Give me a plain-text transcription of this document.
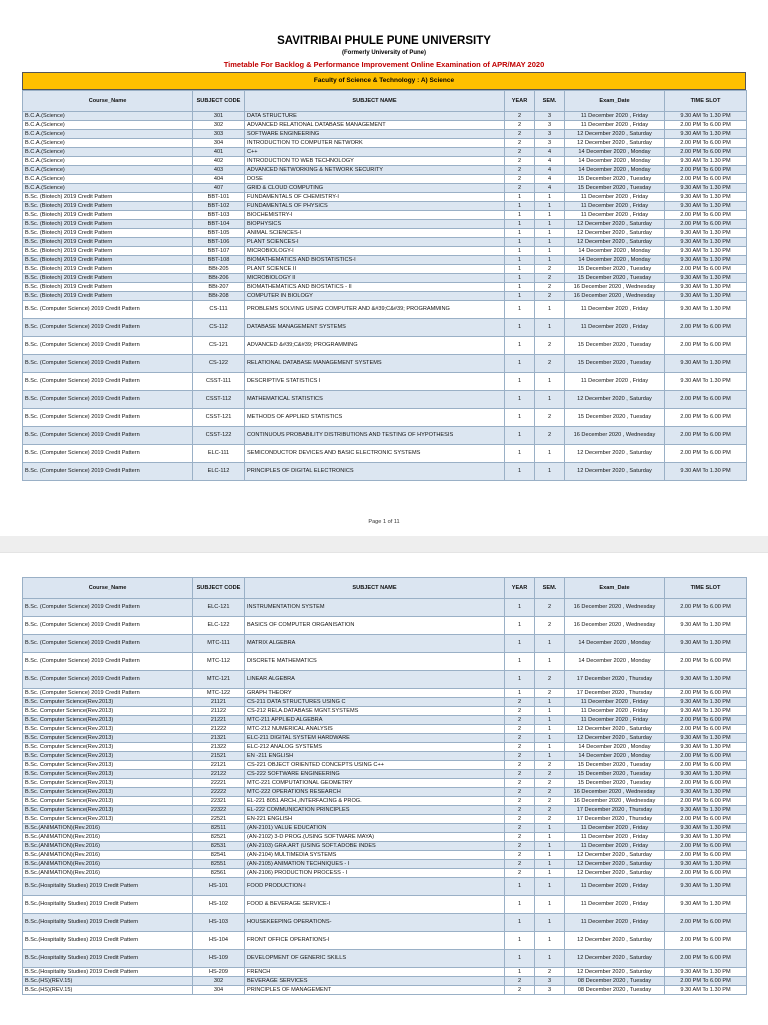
SAVITRIBAI PHULE PUNE UNIVERSITY
(Formerly University of Pune)
Timetable For Backlog & Performance Improvement Online Examination of APR/MAY 2020
Faculty of Science & Technology : A) Science
Course_Name	SUBJECT CODE	SUBJECT NAME	YEAR	SEM.	Exam_Date	TIME SLOT
B.C.A.(Science)	301	DATA STRUCTURE	2	3	11 December 2020 , Friday	9.30 AM To 1.30 PM
B.C.A.(Science)	302	ADVANCED RELATIONAL DATABASE MANAGEMENT	2	3	11 December 2020 , Friday	2.00 PM To 6.00 PM
B.C.A.(Science)	303	SOFTWARE ENGINEERING	2	3	12 December 2020 , Saturday	9.30 AM To 1.30 PM
B.C.A.(Science)	304	INTRODUCTION TO COMPUTER NETWORK	2	3	12 December 2020 , Saturday	2.00 PM To 6.00 PM
B.C.A.(Science)	401	C++	2	4	14 December 2020 , Monday	2.00 PM To 6.00 PM
B.C.A.(Science)	402	INTRODUCTION TO WEB TECHNOLOGY	2	4	14 December 2020 , Monday	9.30 AM To 1.30 PM
B.C.A.(Science)	403	ADVANCED NETWORKING & NETWORK SECURITY	2	4	14 December 2020 , Monday	2.00 PM To 6.00 PM
B.C.A.(Science)	404	DOSE	2	4	15 December 2020 , Tuesday	2.00 PM To 6.00 PM
B.C.A.(Science)	407	GRID & CLOUD COMPUTING	2	4	15 December 2020 , Tuesday	9.30 AM To 1.30 PM
B.Sc. (Biotech) 2019 Credit Pattern	BBT-101	FUNDAMENTALS OF CHEMISTRY-I	1	1	11 December 2020 , Friday	9.30 AM To 1.30 PM
B.Sc. (Biotech) 2019 Credit Pattern	BBT-102	FUNDAMENTALS OF PHYSICS	1	1	11 December 2020 , Friday	9.30 AM To 1.30 PM
B.Sc. (Biotech) 2019 Credit Pattern	BBT-103	BIOCHEMISTRY-I	1	1	11 December 2020 , Friday	2.00 PM To 6.00 PM
B.Sc. (Biotech) 2019 Credit Pattern	BBT-104	BIOPHYSICS	1	1	12 December 2020 , Saturday	2.00 PM To 6.00 PM
B.Sc. (Biotech) 2019 Credit Pattern	BBT-105	ANIMAL SCIENCES-I	1	1	12 December 2020 , Saturday	9.30 AM To 1.30 PM
B.Sc. (Biotech) 2019 Credit Pattern	BBT-106	PLANT SCIENCES-I	1	1	12 December 2020 , Saturday	9.30 AM To 1.30 PM
B.Sc. (Biotech) 2019 Credit Pattern	BBT-107	MICROBIOLOGY-I	1	1	14 December 2020 , Monday	9.30 AM To 1.30 PM
B.Sc. (Biotech) 2019 Credit Pattern	BBT-108	BIOMATHEMATICS AND BIOSTATISTICS-I	1	1	14 December 2020 , Monday	9.30 AM To 1.30 PM
B.Sc. (Biotech) 2019 Credit Pattern	BBt-205	PLANT SCIENCE II	1	2	15 December 2020 , Tuesday	2.00 PM To 6.00 PM
B.Sc. (Biotech) 2019 Credit Pattern	BBt-206	MICROBIOLOGY II	1	2	15 December 2020 , Tuesday	9.30 AM To 1.30 PM
B.Sc. (Biotech) 2019 Credit Pattern	BBt-207	BIOMATHEMATICS AND BIOSTATICS - II	1	2	16 December 2020 , Wednesday	9.30 AM To 1.30 PM
B.Sc. (Biotech) 2019 Credit Pattern	BBt-208	COMPUTER IN BIOLOGY	1	2	16 December 2020 , Wednesday	9.30 AM To 1.30 PM
B.Sc. (Computer Science) 2019 Credit Pattern	CS-111	PROBLEMS SOLVING USING COMPUTER AND &#39;C&#39; PROGRAMMING	1	1	11 December 2020 , Friday	9.30 AM To 1.30 PM
B.Sc. (Computer Science) 2019 Credit Pattern	CS-112	DATABASE MANAGEMENT SYSTEMS	1	1	11 December 2020 , Friday	2.00 PM To 6.00 PM
B.Sc. (Computer Science) 2019 Credit Pattern	CS-121	ADVANCED &#39;C&#39; PROGRAMMING	1	2	15 December 2020 , Tuesday	2.00 PM To 6.00 PM
B.Sc. (Computer Science) 2019 Credit Pattern	CS-122	RELATIONAL DATABASE MANAGEMENT SYSTEMS	1	2	15 December 2020 , Tuesday	9.30 AM To 1.30 PM
B.Sc. (Computer Science) 2019 Credit Pattern	CSST-111	DESCRIPTIVE STATISTICS I	1	1	11 December 2020 , Friday	9.30 AM To 1.30 PM
B.Sc. (Computer Science) 2019 Credit Pattern	CSST-112	MATHEMATICAL STATISTICS	1	1	12 December 2020 , Saturday	2.00 PM To 6.00 PM
B.Sc. (Computer Science) 2019 Credit Pattern	CSST-121	METHODS OF APPLIED STATISTICS	1	2	15 December 2020 , Tuesday	2.00 PM To 6.00 PM
B.Sc. (Computer Science) 2019 Credit Pattern	CSST-122	CONTINUOUS PROBABILITY DISTRIBUTIONS AND TESTING OF HYPOTHESIS	1	2	16 December 2020 , Wednesday	2.00 PM To 6.00 PM
B.Sc. (Computer Science) 2019 Credit Pattern	ELC-111	SEMICONDUCTOR DEVICES AND BASIC ELECTRONIC SYSTEMS	1	1	12 December 2020 , Saturday	2.00 PM To 6.00 PM
B.Sc. (Computer Science) 2019 Credit Pattern	ELC-112	PRINCIPLES OF DIGITAL ELECTRONICS	1	1	12 December 2020 , Saturday	9.30 AM To 1.30 PM
Page 1 of 11
Course_Name	SUBJECT CODE	SUBJECT NAME	YEAR	SEM.	Exam_Date	TIME SLOT
B.Sc. (Computer Science) 2019 Credit Pattern	ELC-121	INSTRUMENTATION SYSTEM	1	2	16 December 2020 , Wednesday	2.00 PM To 6.00 PM
B.Sc. (Computer Science) 2019 Credit Pattern	ELC-122	BASICS OF COMPUTER ORGANISATION	1	2	16 December 2020 , Wednesday	9.30 AM To 1.30 PM
B.Sc. (Computer Science) 2019 Credit Pattern	MTC-111	MATRIX ALGEBRA	1	1	14 December 2020 , Monday	9.30 AM To 1.30 PM
B.Sc. (Computer Science) 2019 Credit Pattern	MTC-112	DISCRETE MATHEMATICS	1	1	14 December 2020 , Monday	2.00 PM To 6.00 PM
B.Sc. (Computer Science) 2019 Credit Pattern	MTC-121	LINEAR ALGEBRA	1	2	17 December 2020 , Thursday	9.30 AM To 1.30 PM
B.Sc. (Computer Science) 2019 Credit Pattern	MTC-122	GRAPH THEORY	1	2	17 December 2020 , Thursday	2.00 PM To 6.00 PM
B.Sc. Computer Science(Rev.2013)	21121	CS-211 DATA STRUCTURES USING C	2	1	11 December 2020 , Friday	9.30 AM To 1.30 PM
B.Sc. Computer Science(Rev.2013)	21122	CS-212 RELA.DATABASE MGNT.SYSTEMS	2	1	11 December 2020 , Friday	9.30 AM To 1.30 PM
B.Sc. Computer Science(Rev.2013)	21221	MTC-211 APPLIED ALGEBRA	2	1	11 December 2020 , Friday	2.00 PM To 6.00 PM
B.Sc. Computer Science(Rev.2013)	21222	MTC-212 NUMERICAL ANALYSIS	2	1	12 December 2020 , Saturday	2.00 PM To 6.00 PM
B.Sc. Computer Science(Rev.2013)	21321	ELC-211 DIGITAL SYSTEM HARDWARE	2	1	12 December 2020 , Saturday	9.30 AM To 1.30 PM
B.Sc. Computer Science(Rev.2013)	21322	ELC-212 ANALOG SYSTEMS	2	1	14 December 2020 , Monday	9.30 AM To 1.30 PM
B.Sc. Computer Science(Rev.2013)	21521	EN -211 ENGLISH	2	1	14 December 2020 , Monday	2.00 PM To 6.00 PM
B.Sc. Computer Science(Rev.2013)	22121	CS-221 OBJECT ORIENTED CONCEPTS USING C++	2	2	15 December 2020 , Tuesday	2.00 PM To 6.00 PM
B.Sc. Computer Science(Rev.2013)	22122	CS-222 SOFTWARE ENGINEERING	2	2	15 December 2020 , Tuesday	9.30 AM To 1.30 PM
B.Sc. Computer Science(Rev.2013)	22221	MTC-221 COMPUTATIONAL GEOMETRY	2	2	15 December 2020 , Tuesday	2.00 PM To 6.00 PM
B.Sc. Computer Science(Rev.2013)	22222	MTC-222 OPERATIONS RESEARCH	2	2	16 December 2020 , Wednesday	9.30 AM To 1.30 PM
B.Sc. Computer Science(Rev.2013)	22321	EL-221 8051 ARCH.,INTERFACING & PROG.	2	2	16 December 2020 , Wednesday	2.00 PM To 6.00 PM
B.Sc. Computer Science(Rev.2013)	22322	EL-222 COMMUNICATION PRINCIPLES	2	2	17 December 2020 , Thursday	9.30 AM To 1.30 PM
B.Sc. Computer Science(Rev.2013)	22521	EN-221 ENGLISH	2	2	17 December 2020 , Thursday	2.00 PM To 6.00 PM
B.Sc.(ANIMATION)(Rev.2016)	82511	(AN-2101) VALUE EDUCATION	2	1	11 December 2020 , Friday	9.30 AM To 1.30 PM
B.Sc.(ANIMATION)(Rev.2016)	82521	(AN-2102) 3-D PROG.(USING SOFTWARE MAYA)	2	1	11 December 2020 , Friday	9.30 AM To 1.30 PM
B.Sc.(ANIMATION)(Rev.2016)	82531	(AN-2103) GRA.ART (USING SOFT.ADOBE INDES	2	1	11 December 2020 , Friday	2.00 PM To 6.00 PM
B.Sc.(ANIMATION)(Rev.2016)	82541	(AN-2104) MULTIMEDIA SYSTEMS	2	1	12 December 2020 , Saturday	2.00 PM To 6.00 PM
B.Sc.(ANIMATION)(Rev.2016)	82551	(AN-2105) ANIMATION TECHNIQUES - I	2	1	12 December 2020 , Saturday	9.30 AM To 1.30 PM
B.Sc.(ANIMATION)(Rev.2016)	82561	(AN-2106) PRODUCTION PROCESS - I	2	1	12 December 2020 , Saturday	2.00 PM To 6.00 PM
B.Sc.(Hospitality Studies) 2019 Credit Pattern	HS-101	FOOD PRODUCTION-I	1	1	11 December 2020 , Friday	9.30 AM To 1.30 PM
B.Sc.(Hospitality Studies) 2019 Credit Pattern	HS-102	FOOD & BEVERAGE SERVICE-I	1	1	11 December 2020 , Friday	9.30 AM To 1.30 PM
B.Sc.(Hospitality Studies) 2019 Credit Pattern	HS-103	HOUSEKEEPING OPERATIONS-	1	1	11 December 2020 , Friday	2.00 PM To 6.00 PM
B.Sc.(Hospitality Studies) 2019 Credit Pattern	HS-104	FRONT OFFICE OPERATIONS-I	1	1	12 December 2020 , Saturday	2.00 PM To 6.00 PM
B.Sc.(Hospitality Studies) 2019 Credit Pattern	HS-109	DEVELOPMENT OF GENERIC SKILLS	1	1	12 December 2020 , Saturday	2.00 PM To 6.00 PM
B.Sc.(Hospitality Studies) 2019 Credit Pattern	HS-209	FRENCH	1	2	12 December 2020 , Saturday	9.30 AM To 1.30 PM
B.Sc.(HS)(REV.15)	302	BEVERAGE SERVICES	2	3	08 December 2020 , Tuesday	2.00 PM To 6.00 PM
B.Sc.(HS)(REV.15)	304	PRINCIPLES OF MANAGEMENT	2	3	08 December 2020 , Tuesday	9.30 AM To 1.30 PM
